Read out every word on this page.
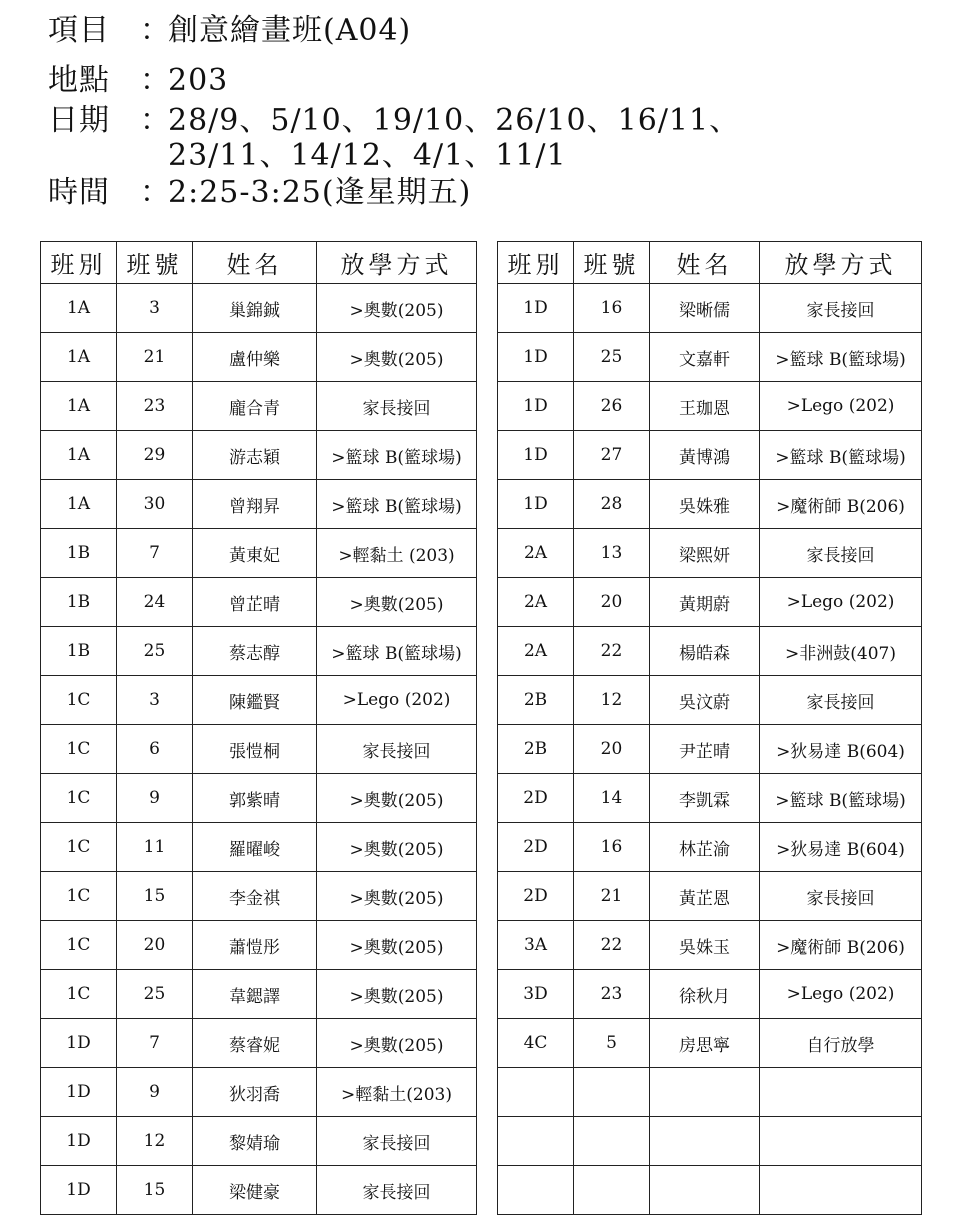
項目	：
創意繪畫班(A04)
地點	：
203
日期	：
28/9、5/10、19/10、26/10、16/11、
23/11、14/12、4/1、11/1
時間	：
2:25-3:25(逢星期五)
班別	班號	姓名	放學方式
1A	3	巢錦鋮	>奧數(205)
1A	21	盧仲樂	>奧數(205)
1A	23	龐合青	家長接回
1A	29	游志穎	>籃球 B(籃球場)
1A	30	曾翔昇	>籃球 B(籃球場)
1B	7	黃東妃	>輕黏土 (203)
1B	24	曾芷晴	>奧數(205)
1B	25	蔡志醇	>籃球 B(籃球場)
1C	3	陳鑑賢	>Lego (202)
1C	6	張愷桐	家長接回
1C	9	郭紫晴	>奧數(205)
1C	11	羅曜峻	>奧數(205)
1C	15	李金祺	>奧數(205)
1C	20	蕭愷彤	>奧數(205)
1C	25	韋鍶譯	>奧數(205)
1D	7	蔡睿妮	>奧數(205)
1D	9	狄羽喬	>輕黏土(203)
1D	12	黎婧瑜	家長接回
1D	15	梁健豪	家長接回
班別	班號	姓名	放學方式
1D	16	梁晰儒	家長接回
1D	25	文嘉軒	>籃球 B(籃球場)
1D	26	王珈恩	>Lego (202)
1D	27	黃博鴻	>籃球 B(籃球場)
1D	28	吳姝雅	>魔術師 B(206)
2A	13	梁熙妍	家長接回
2A	20	黃期蔚	>Lego (202)
2A	22	楊皓森	>非洲鼓(407)
2B	12	吳汶蔚	家長接回
2B	20	尹芷晴	>狄易達 B(604)
2D	14	李凱霖	>籃球 B(籃球場)
2D	16	林芷渝	>狄易達 B(604)
2D	21	黃芷恩	家長接回
3A	22	吳姝玉	>魔術師 B(206)
3D	23	徐秋月	>Lego (202)
4C	5	房思寧	自行放學
